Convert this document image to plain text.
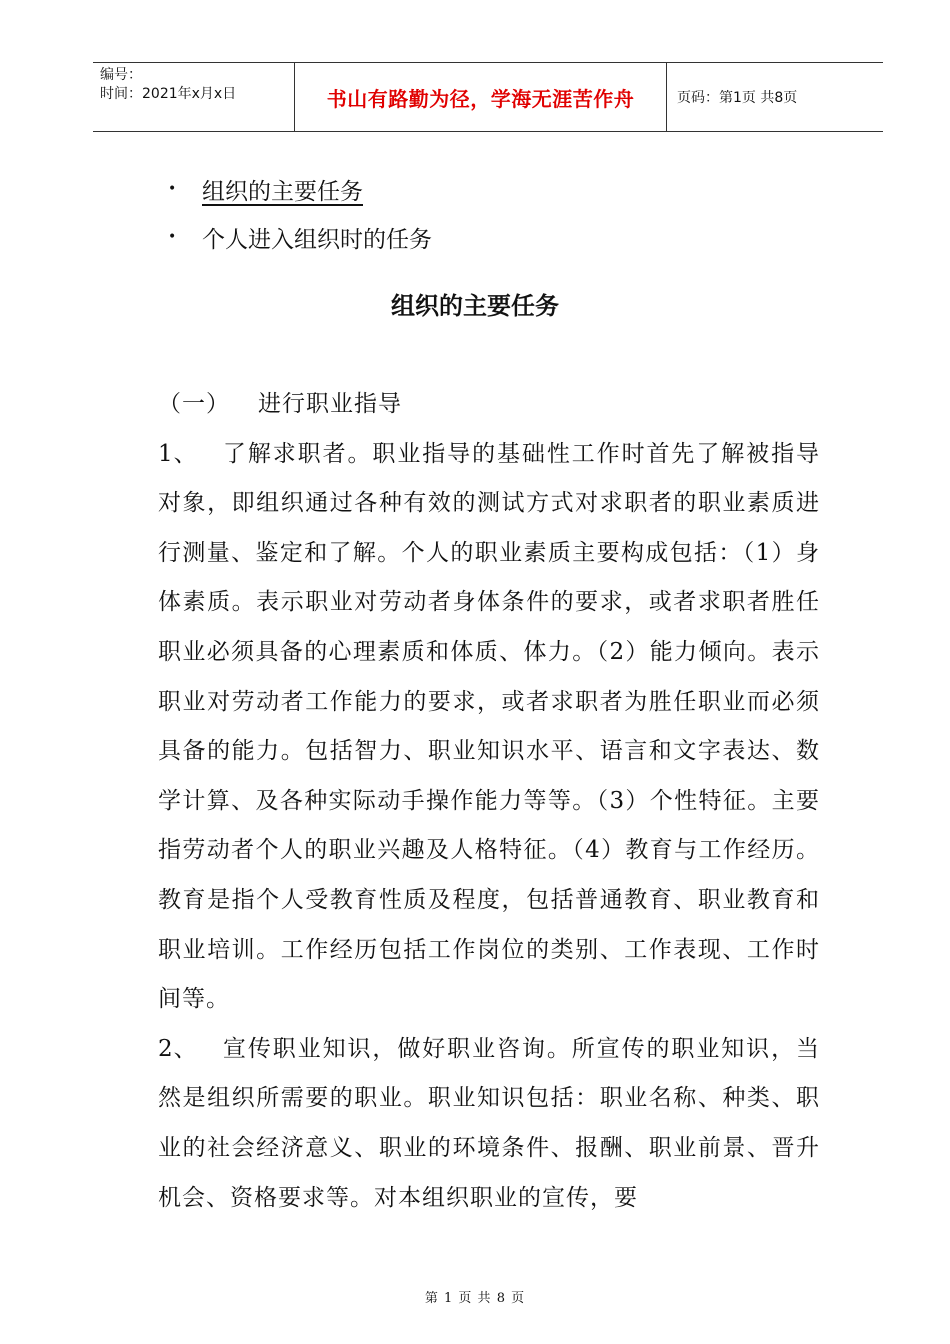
编号：
时间：2021年x月x日	书山有路勤为径，学海无涯苦作舟	页码：第1页 共8页
•	组织的主要任务
•	个人进入组织时的任务
组织的主要任务

（一） 进行职业指导

1、 了解求职者。职业指导的基础性工作时首先了解被指导对象，即组织通过各种有效的测试方式对求职者的职业素质进行测量、鉴定和了解。个人的职业素质主要构成包括：（1）身体素质。表示职业对劳动者身体条件的要求，或者求职者胜任职业必须具备的心理素质和体质、体力。（2）能力倾向。表示职业对劳动者工作能力的要求，或者求职者为胜任职业而必须具备的能力。包括智力、职业知识水平、语言和文字表达、数学计算、及各种实际动手操作能力等等。（3）个性特征。主要指劳动者个人的职业兴趣及人格特征。（4）教育与工作经历。教育是指个人受教育性质及程度，包括普通教育、职业教育和职业培训。工作经历包括工作岗位的类别、工作表现、工作时间等。

2、 宣传职业知识，做好职业咨询。所宣传的职业知识，当然是组织所需要的职业。职业知识包括：职业名称、种类、职业的社会经济意义、职业的环境条件、报酬、职业前景、晋升机会、资格要求等。对本组织职业的宣传，要

第 1 页 共 8 页
